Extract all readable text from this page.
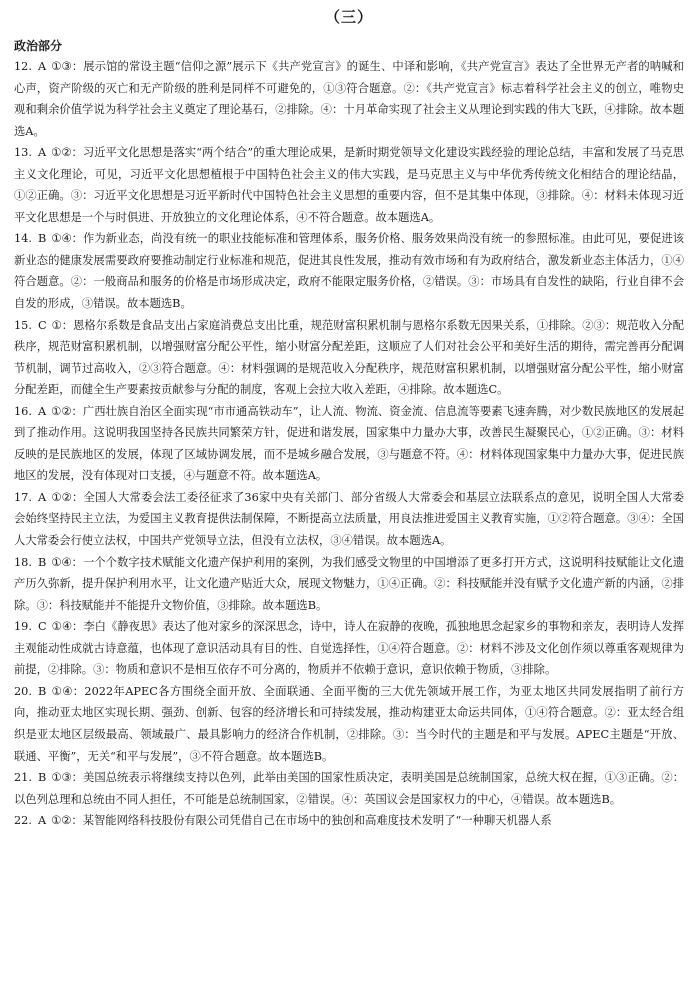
（三）
政治部分

12. A ①③：展示馆的常设主题“信仰之源”展示下《共产党宣言》的诞生、中译和影响，《共产党宣言》表达了全世界无产者的呐喊和心声，资产阶级的灭亡和无产阶级的胜利是同样不可避免的，①③符合题意。②：《共产党宣言》标志着科学社会主义的创立，唯物史观和剩余价值学说为科学社会主义奠定了理论基石，②排除。④：十月革命实现了社会主义从理论到实践的伟大飞跃，④排除。故本题选A。

13. A ①②：习近平文化思想是落实“两个结合”的重大理论成果，是新时期党领导文化建设实践经验的理论总结，丰富和发展了马克思主义文化理论，可见，习近平文化思想植根于中国特色社会主义的伟大实践，是马克思主义与中华优秀传统文化相结合的理论结晶，①②正确。③：习近平文化思想是习近平新时代中国特色社会主义思想的重要内容，但不是其集中体现，③排除。④：材料未体现习近平文化思想是一个与时俱进、开放独立的文化理论体系，④不符合题意。故本题选A。

14. B ①④：作为新业态，尚没有统一的职业技能标准和管理体系，服务价格、服务效果尚没有统一的参照标准。由此可见，要促进该新业态的健康发展需要政府要推动制定行业标准和规范，促进其良性发展，推动有效市场和有为政府结合，激发新业态主体活力，①④符合题意。②：一般商品和服务的价格是市场形成决定，政府不能限定服务价格，②错误。③：市场具有自发性的缺陷，行业自律不会自发的形成，③错误。故本题选B。

15. C ①：恩格尔系数是食品支出占家庭消费总支出比重，规范财富积累机制与恩格尔系数无因果关系，①排除。②③：规范收入分配秩序，规范财富积累机制，以增强财富分配公平性，缩小财富分配差距，这顺应了人们对社会公平和美好生活的期待，需完善再分配调节机制，调节过高收入，②③符合题意。④：材料强调的是规范收入分配秩序，规范财富积累机制，以增强财富分配公平性，缩小财富分配差距，而健全生产要素按贡献参与分配的制度，客观上会拉大收入差距，④排除。故本题选C。

16. A ①②：广西壮族自治区全面实现“市市通高铁动车”，让人流、物流、资金流、信息流等要素飞速奔腾，对少数民族地区的发展起到了推动作用。这说明我国坚持各民族共同繁荣方针，促进和谐发展，国家集中力量办大事，改善民生凝聚民心，①②正确。③：材料反映的是民族地区的发展，体现了区域协调发展，而不是城乡融合发展，③与题意不符。④：材料体现国家集中力量办大事，促进民族地区的发展，没有体现对口支援，④与题意不符。故本题选A。

17. A ①②：全国人大常委会法工委径征求了36家中央有关部门、部分省级人大常委会和基层立法联系点的意见，说明全国人大常委会始终坚持民主立法，为爱国主义教育提供法制保障，不断提高立法质量，用良法推进爱国主义教育实施，①②符合题意。③④：全国人大常委会行使立法权，中国共产党领导立法，但没有立法权，③④错误。故本题选A。

18. B ①④：一个个数字技术赋能文化遗产保护利用的案例，为我们感受文物里的中国增添了更多打开方式，这说明科技赋能让文化遗产历久弥新，提升保护利用水平，让文化遗产贴近大众，展现文物魅力，①④正确。②：科技赋能并没有赋予文化遗产新的内涵，②排除。③：科技赋能并不能提升文物价值，③排除。故本题选B。

19. C ①④：李白《静夜思》表达了他对家乡的深深思念，诗中，诗人在寂静的夜晚，孤独地思念起家乡的事物和亲友，表明诗人发挥主观能动性成就古诗意蕴，也体现了意识活动具有目的性、自觉选择性，①④符合题意。②：材料不涉及文化创作须以尊重客观规律为前提，②排除。③：物质和意识不是相互依存不可分离的，物质并不依赖于意识，意识依赖于物质，③排除。

20. B ①④：2022年APEC各方围绕全面开放、全面联通、全面平衡的三大优先领域开展工作，为亚太地区共同发展指明了前行方向，推动亚太地区实现长期、强劲、创新、包容的经济增长和可持续发展，推动构建亚太命运共同体，①④符合题意。②：亚太经合组织是亚太地区层级最高、领域最广、最具影响力的经济合作机制，②排除。③：当今时代的主题是和平与发展。APEC主题是“开放、联通、平衡”，无关“和平与发展”，③不符合题意。故本题选B。

21. B ①③：美国总统表示将继续支持以色列，此举由美国的国家性质决定，表明美国是总统制国家，总统大权在握，①③正确。②：以色列总理和总统由不同人担任，不可能是总统制国家，②错误。④：英国议会是国家权力的中心，④错误。故本题选B。

22. A ①②：某智能网络科技股份有限公司凭借自己在市场中的独创和高难度技术发明了“一种聊天机器人系
